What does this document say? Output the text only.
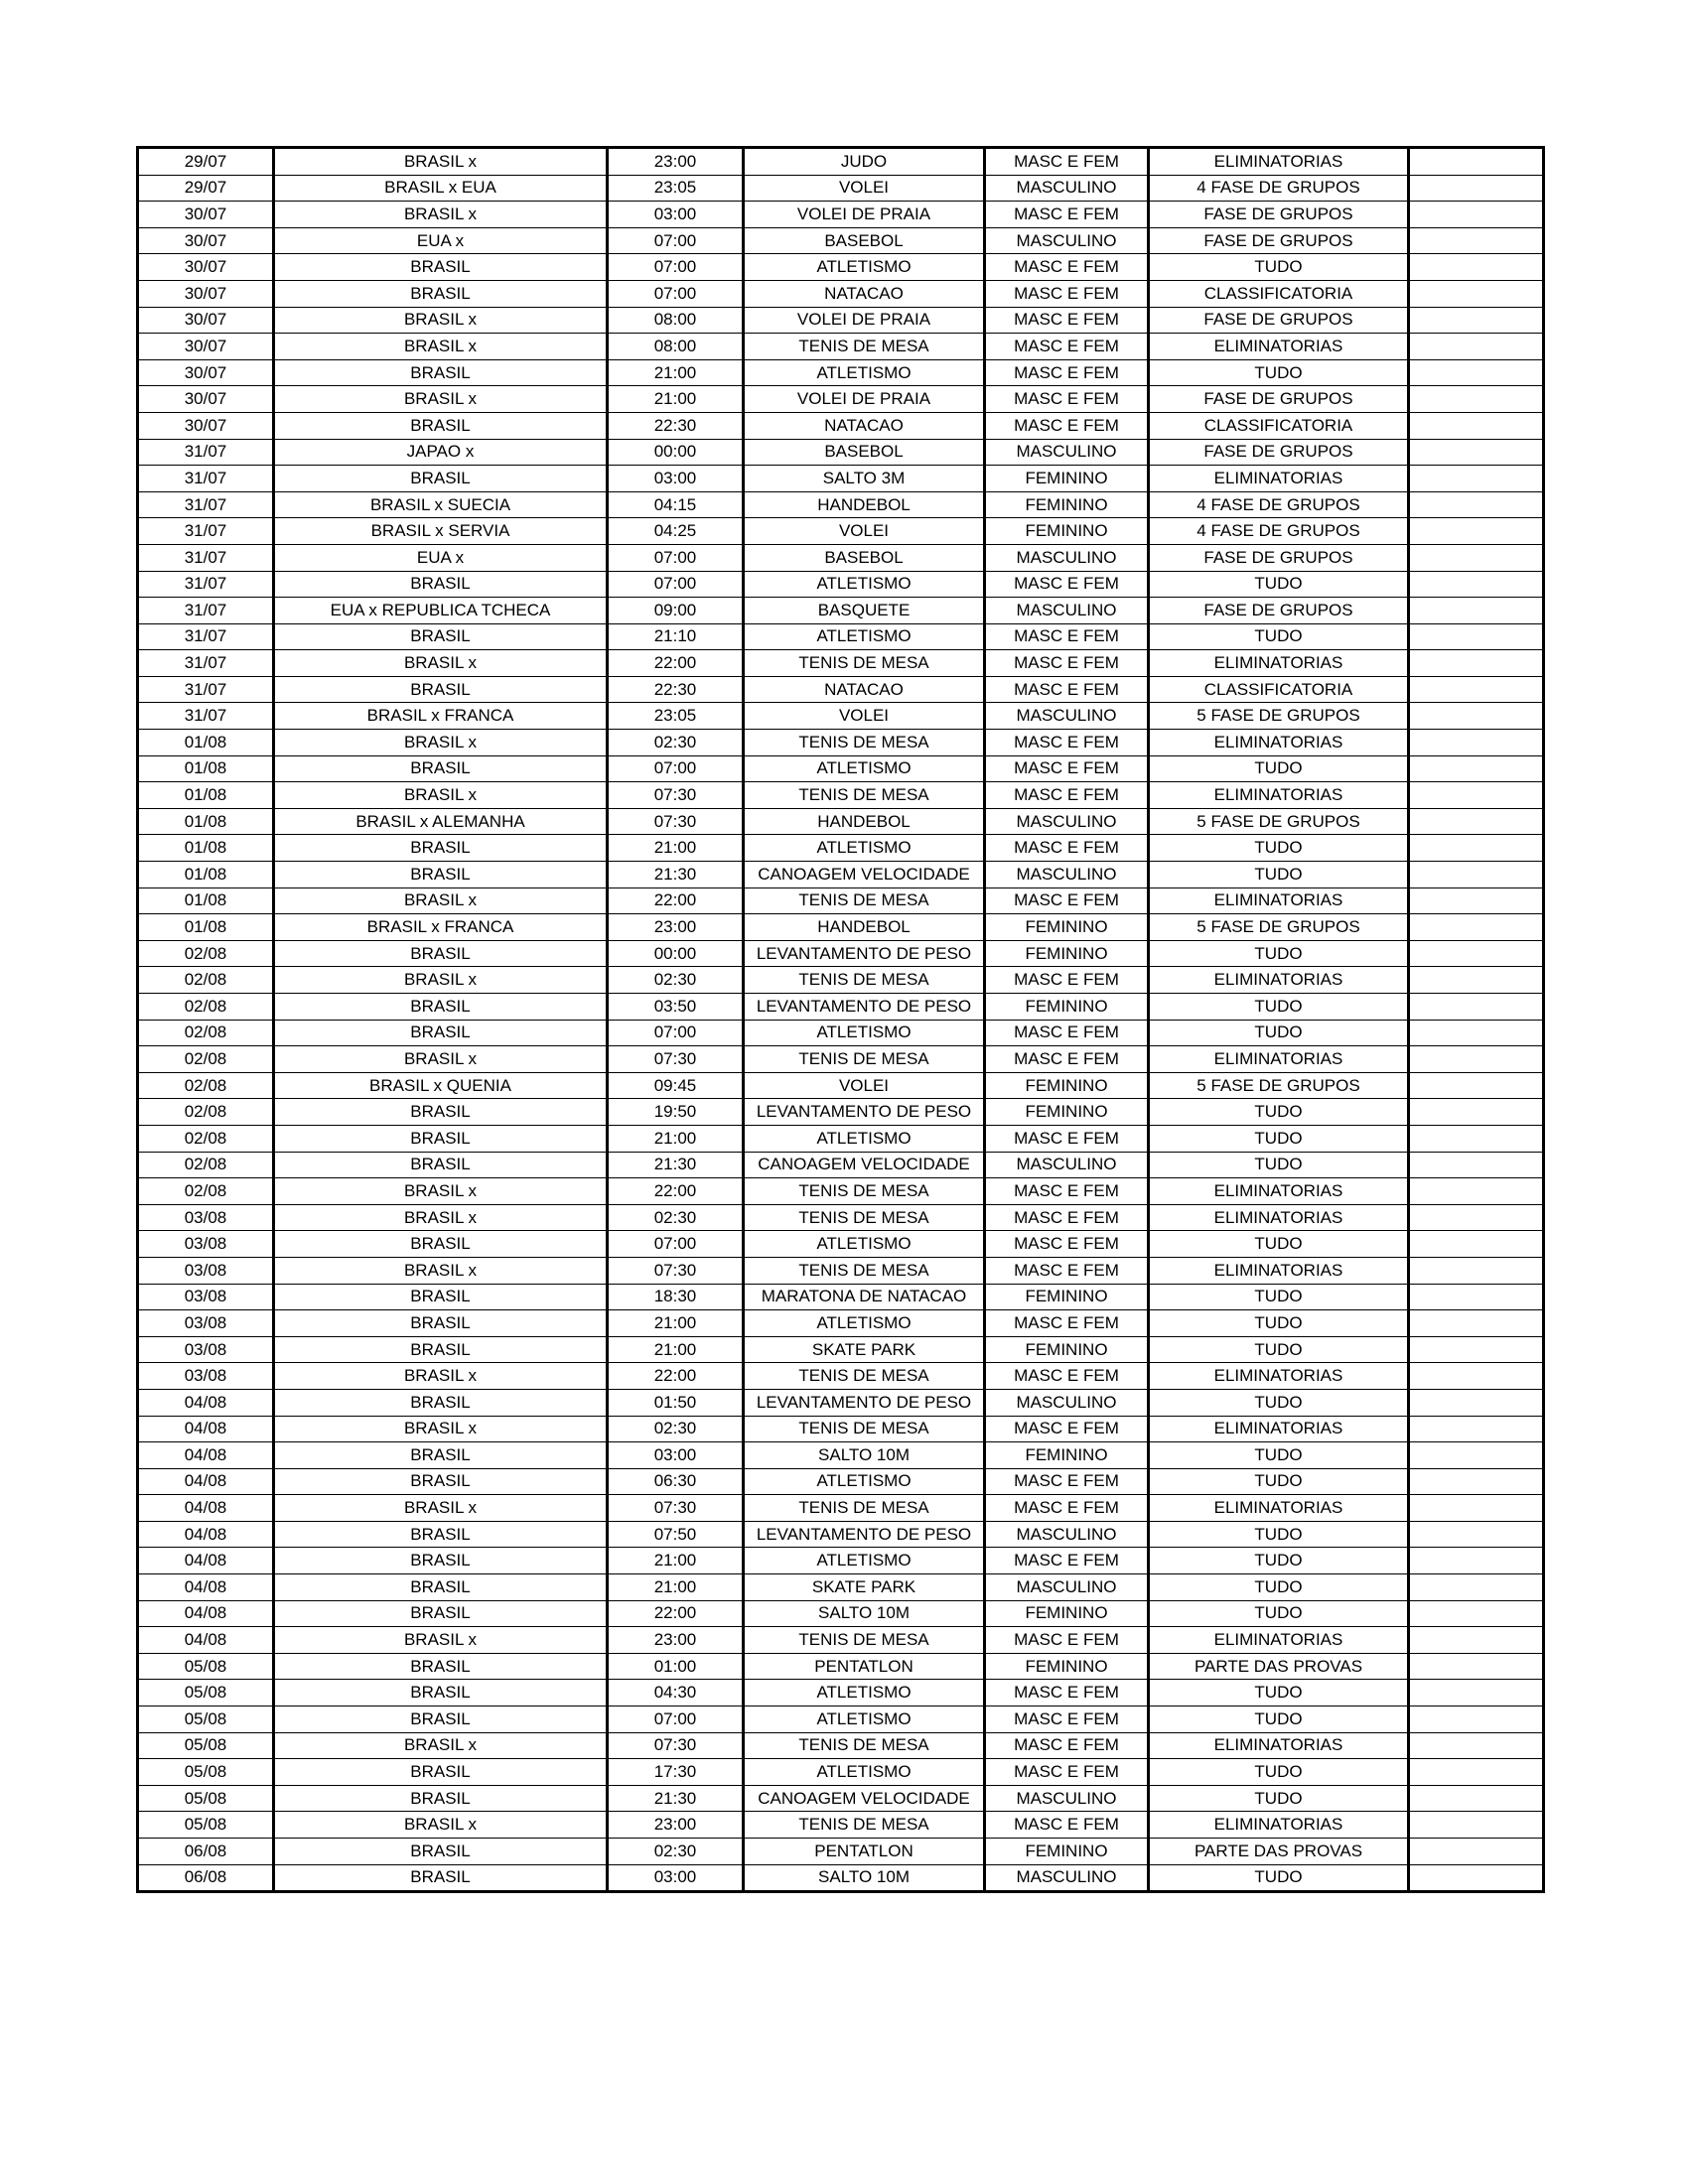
29/07	BRASIL x	23:00	JUDO	MASC E FEM	ELIMINATORIAS	
29/07	BRASIL x EUA	23:05	VOLEI	MASCULINO	4 FASE DE GRUPOS	
30/07	BRASIL x	03:00	VOLEI DE PRAIA	MASC E FEM	FASE DE GRUPOS	
30/07	EUA x	07:00	BASEBOL	MASCULINO	FASE DE GRUPOS	
30/07	BRASIL	07:00	ATLETISMO	MASC E FEM	TUDO	
30/07	BRASIL	07:00	NATACAO	MASC E FEM	CLASSIFICATORIA	
30/07	BRASIL x	08:00	VOLEI DE PRAIA	MASC E FEM	FASE DE GRUPOS	
30/07	BRASIL x	08:00	TENIS DE MESA	MASC E FEM	ELIMINATORIAS	
30/07	BRASIL	21:00	ATLETISMO	MASC E FEM	TUDO	
30/07	BRASIL x	21:00	VOLEI DE PRAIA	MASC E FEM	FASE DE GRUPOS	
30/07	BRASIL	22:30	NATACAO	MASC E FEM	CLASSIFICATORIA	
31/07	JAPAO x	00:00	BASEBOL	MASCULINO	FASE DE GRUPOS	
31/07	BRASIL	03:00	SALTO 3M	FEMININO	ELIMINATORIAS	
31/07	BRASIL x SUECIA	04:15	HANDEBOL	FEMININO	4 FASE DE GRUPOS	
31/07	BRASIL x SERVIA	04:25	VOLEI	FEMININO	4 FASE DE GRUPOS	
31/07	EUA x	07:00	BASEBOL	MASCULINO	FASE DE GRUPOS	
31/07	BRASIL	07:00	ATLETISMO	MASC E FEM	TUDO	
31/07	EUA x REPUBLICA TCHECA	09:00	BASQUETE	MASCULINO	FASE DE GRUPOS	
31/07	BRASIL	21:10	ATLETISMO	MASC E FEM	TUDO	
31/07	BRASIL x	22:00	TENIS DE MESA	MASC E FEM	ELIMINATORIAS	
31/07	BRASIL	22:30	NATACAO	MASC E FEM	CLASSIFICATORIA	
31/07	BRASIL x FRANCA	23:05	VOLEI	MASCULINO	5 FASE DE GRUPOS	
01/08	BRASIL x	02:30	TENIS DE MESA	MASC E FEM	ELIMINATORIAS	
01/08	BRASIL	07:00	ATLETISMO	MASC E FEM	TUDO	
01/08	BRASIL x	07:30	TENIS DE MESA	MASC E FEM	ELIMINATORIAS	
01/08	BRASIL x ALEMANHA	07:30	HANDEBOL	MASCULINO	5 FASE DE GRUPOS	
01/08	BRASIL	21:00	ATLETISMO	MASC E FEM	TUDO	
01/08	BRASIL	21:30	CANOAGEM VELOCIDADE	MASCULINO	TUDO	
01/08	BRASIL x	22:00	TENIS DE MESA	MASC E FEM	ELIMINATORIAS	
01/08	BRASIL x FRANCA	23:00	HANDEBOL	FEMININO	5 FASE DE GRUPOS	
02/08	BRASIL	00:00	LEVANTAMENTO DE PESO	FEMININO	TUDO	
02/08	BRASIL x	02:30	TENIS DE MESA	MASC E FEM	ELIMINATORIAS	
02/08	BRASIL	03:50	LEVANTAMENTO DE PESO	FEMININO	TUDO	
02/08	BRASIL	07:00	ATLETISMO	MASC E FEM	TUDO	
02/08	BRASIL x	07:30	TENIS DE MESA	MASC E FEM	ELIMINATORIAS	
02/08	BRASIL x QUENIA	09:45	VOLEI	FEMININO	5 FASE DE GRUPOS	
02/08	BRASIL	19:50	LEVANTAMENTO DE PESO	FEMININO	TUDO	
02/08	BRASIL	21:00	ATLETISMO	MASC E FEM	TUDO	
02/08	BRASIL	21:30	CANOAGEM VELOCIDADE	MASCULINO	TUDO	
02/08	BRASIL x	22:00	TENIS DE MESA	MASC E FEM	ELIMINATORIAS	
03/08	BRASIL x	02:30	TENIS DE MESA	MASC E FEM	ELIMINATORIAS	
03/08	BRASIL	07:00	ATLETISMO	MASC E FEM	TUDO	
03/08	BRASIL x	07:30	TENIS DE MESA	MASC E FEM	ELIMINATORIAS	
03/08	BRASIL	18:30	MARATONA DE NATACAO	FEMININO	TUDO	
03/08	BRASIL	21:00	ATLETISMO	MASC E FEM	TUDO	
03/08	BRASIL	21:00	SKATE PARK	FEMININO	TUDO	
03/08	BRASIL x	22:00	TENIS DE MESA	MASC E FEM	ELIMINATORIAS	
04/08	BRASIL	01:50	LEVANTAMENTO DE PESO	MASCULINO	TUDO	
04/08	BRASIL x	02:30	TENIS DE MESA	MASC E FEM	ELIMINATORIAS	
04/08	BRASIL	03:00	SALTO 10M	FEMININO	TUDO	
04/08	BRASIL	06:30	ATLETISMO	MASC E FEM	TUDO	
04/08	BRASIL x	07:30	TENIS DE MESA	MASC E FEM	ELIMINATORIAS	
04/08	BRASIL	07:50	LEVANTAMENTO DE PESO	MASCULINO	TUDO	
04/08	BRASIL	21:00	ATLETISMO	MASC E FEM	TUDO	
04/08	BRASIL	21:00	SKATE PARK	MASCULINO	TUDO	
04/08	BRASIL	22:00	SALTO 10M	FEMININO	TUDO	
04/08	BRASIL x	23:00	TENIS DE MESA	MASC E FEM	ELIMINATORIAS	
05/08	BRASIL	01:00	PENTATLON	FEMININO	PARTE DAS PROVAS	
05/08	BRASIL	04:30	ATLETISMO	MASC E FEM	TUDO	
05/08	BRASIL	07:00	ATLETISMO	MASC E FEM	TUDO	
05/08	BRASIL x	07:30	TENIS DE MESA	MASC E FEM	ELIMINATORIAS	
05/08	BRASIL	17:30	ATLETISMO	MASC E FEM	TUDO	
05/08	BRASIL	21:30	CANOAGEM VELOCIDADE	MASCULINO	TUDO	
05/08	BRASIL x	23:00	TENIS DE MESA	MASC E FEM	ELIMINATORIAS	
06/08	BRASIL	02:30	PENTATLON	FEMININO	PARTE DAS PROVAS	
06/08	BRASIL	03:00	SALTO 10M	MASCULINO	TUDO	
